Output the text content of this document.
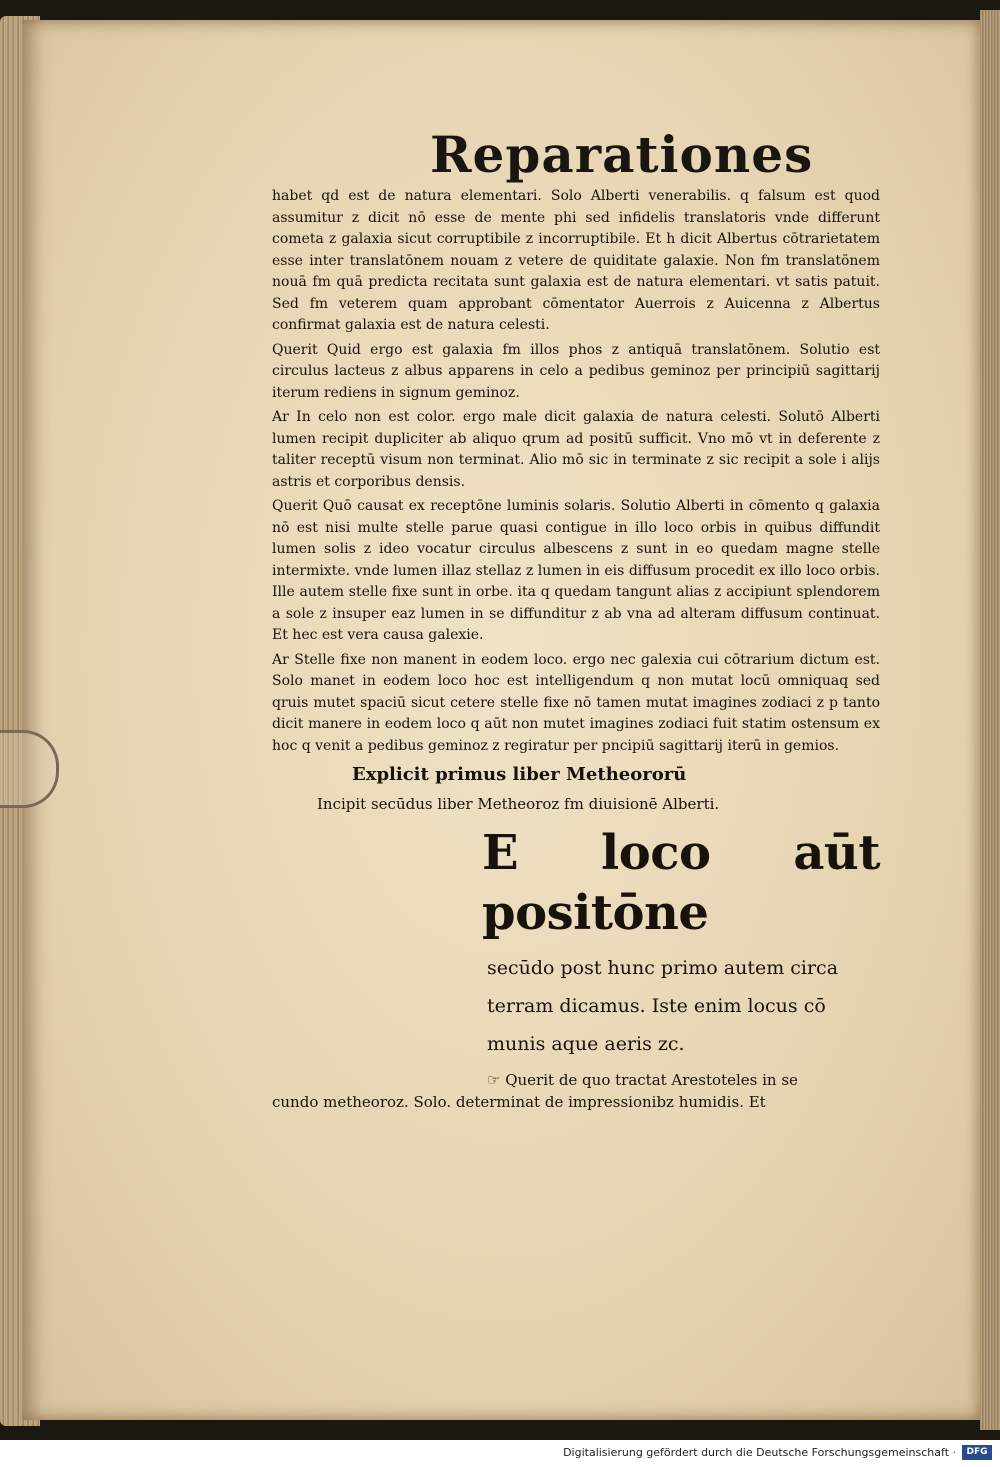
Reparationes

habet qd est de natura elementari. Solo Alberti venerabilis. q falsum est quod assumitur z dicit nō esse de mente phi sed infidelis translatoris vnde differunt cometa z galaxia sicut corruptibile z incorruptibile. Et h dicit Albertus cōtrarietatem esse inter translatōnem nouam z vetere de quiditate galaxie. Non fm translatōnem nouā fm quā predicta recitata sunt galaxia est de natura elementari. vt satis patuit. Sed fm veterem quam approbant cōmentator Auerrois z Auicenna z Albertus confirmat galaxia est de natura celesti.

Querit Quid ergo est galaxia fm illos phos z antiquā translatōnem. Solutio est circulus lacteus z albus apparens in celo a pedibus geminoz per principiū sagittarij iterum rediens in signum geminoz.

Ar In celo non est color. ergo male dicit galaxia de natura celesti. Solutō Alberti lumen recipit dupliciter ab aliquo qrum ad positū sufficit. Vno mō vt in deferente z taliter receptū visum non terminat. Alio mō sic in terminate z sic recipit a sole i alijs astris et corporibus densis.

Querit Quō causat ex receptōne luminis solaris. Solutio Alberti in cōmento q galaxia nō est nisi multe stelle parue quasi contigue in illo loco orbis in quibus diffundit lumen solis z ideo vocatur circulus albescens z sunt in eo quedam magne stelle intermixte. vnde lumen illaz stellaz z lumen in eis diffusum procedit ex illo loco orbis. Ille autem stelle fixe sunt in orbe. ita q quedam tangunt alias z accipiunt splendorem a sole z insuper eaz lumen in se diffunditur z ab vna ad alteram diffusum continuat. Et hec est vera causa galexie.

Ar Stelle fixe non manent in eodem loco. ergo nec galexia cui cōtrarium dictum est. Solo manet in eodem loco hoc est intelligendum q non mutat locū omniquaq sed qruis mutet spaciū sicut cetere stelle fixe nō tamen mutat imagines zodiaci z p tanto dicit manere in eodem loco q aūt non mutet imagines zodiaci fuit statim ostensum ex hoc q venit a pedibus geminoz z regiratur per pncipiū sagittarij iterū in gemios.

Explicit primus liber Metheororū

Incipit secūdus liber Metheoroz fm diuisionē Alberti.

E loco aūt positōne

secūdo post hunc primo autem circa

terram dicamus. Iste enim locus cō

munis aque aeris zc.

☞ Querit de quo tractat Arestoteles in se

cundo metheoroz. Solo. determinat de impressionibz humidis. Et

Digitalisierung gefördert durch die Deutsche Forschungsgemeinschaft ·	DFG
